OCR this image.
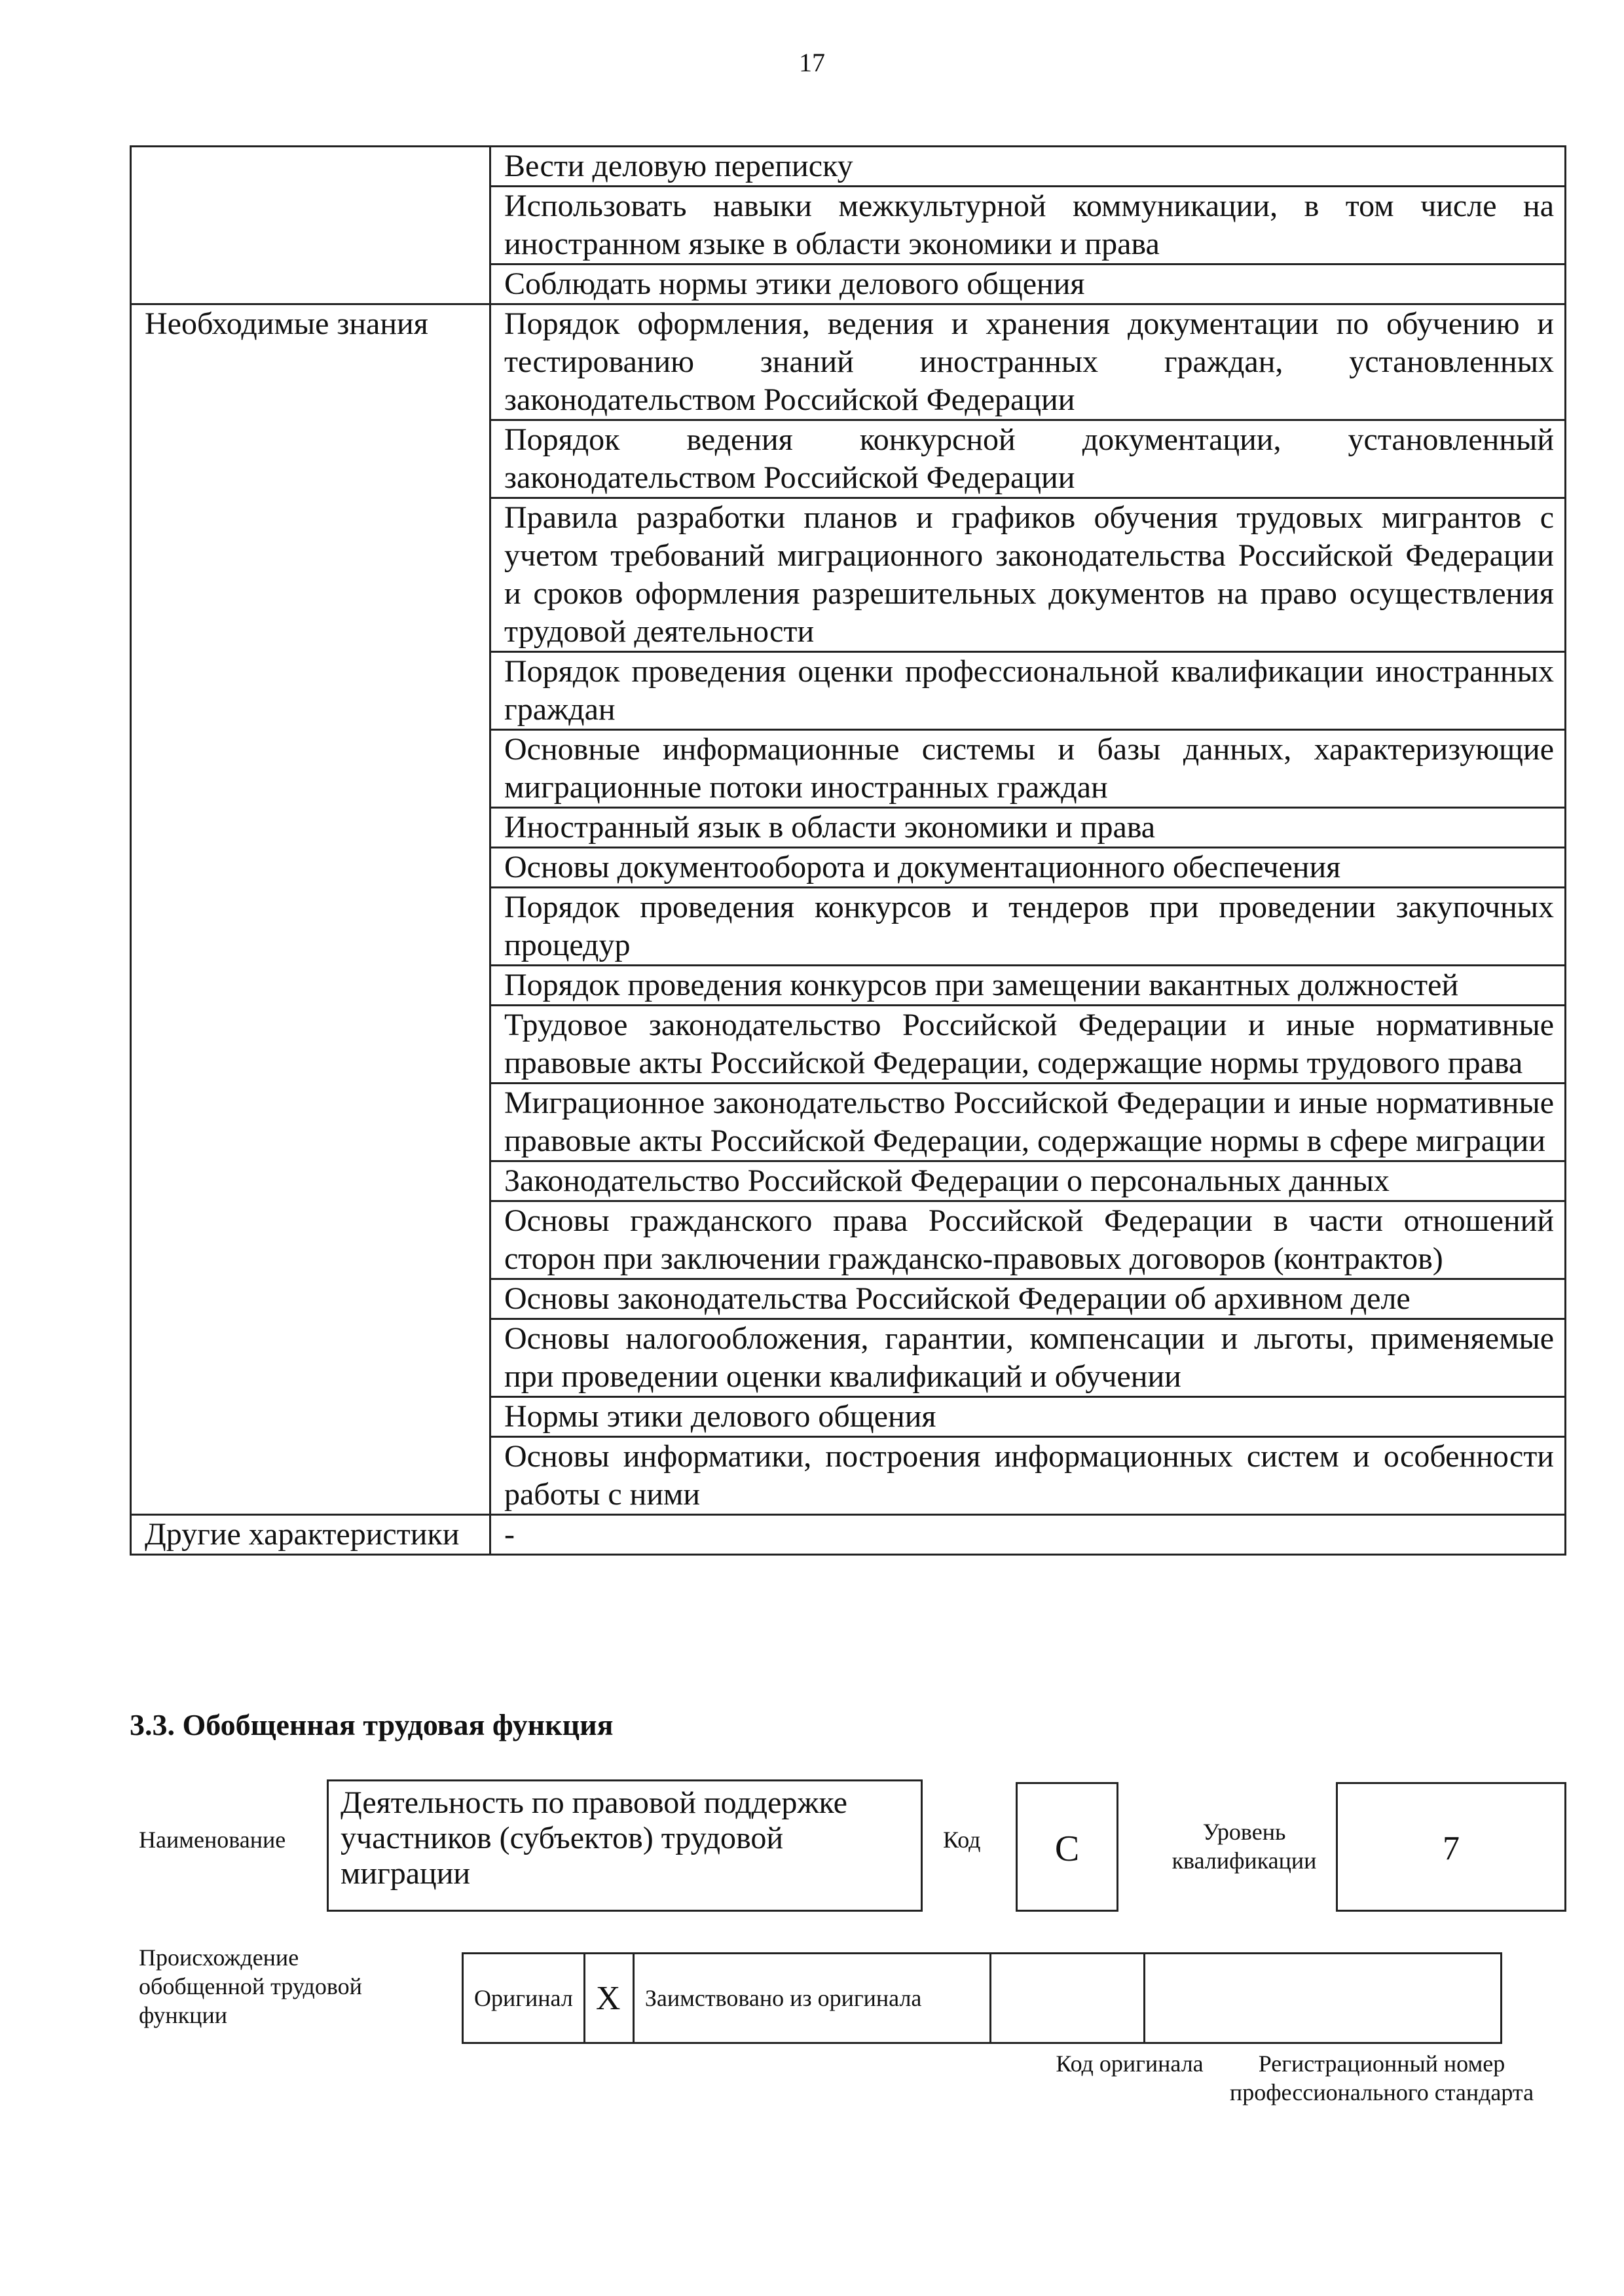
17
	Вести деловую переписку
	Использовать навыки межкультурной коммуникации, в том числе на иностранном языке в области экономики и права
	Соблюдать нормы этики делового общения
Необходимые знания	Порядок оформления, ведения и хранения документации по обучению и тестированию знаний иностранных граждан, установленных законодательством Российской Федерации
	Порядок ведения конкурсной документации, установленный законодательством Российской Федерации
	Правила разработки планов и графиков обучения трудовых мигрантов с учетом требований миграционного законодательства Российской Федерации и сроков оформления разрешительных документов на право осуществления трудовой деятельности
	Порядок проведения оценки профессиональной квалификации иностранных граждан
	Основные информационные системы и базы данных, характеризующие миграционные потоки иностранных граждан
	Иностранный язык в области экономики и права
	Основы документооборота и документационного обеспечения
	Порядок проведения конкурсов и тендеров при проведении закупочных процедур
	Порядок проведения конкурсов при замещении вакантных должностей
	Трудовое законодательство Российской Федерации и иные нормативные правовые акты Российской Федерации, содержащие нормы трудового права
	Миграционное законодательство Российской Федерации и иные нормативные правовые акты Российской Федерации, содержащие нормы в сфере миграции
	Законодательство Российской Федерации о персональных данных
	Основы гражданского права Российской Федерации в части отношений сторон при заключении гражданско-правовых договоров (контрактов)
	Основы законодательства Российской Федерации об архивном деле
	Основы налогообложения, гарантии, компенсации и льготы, применяемые при проведении оценки квалификаций и обучении
	Нормы этики делового общения
	Основы информатики, построения информационных систем и особенности работы с ними
Другие характеристики	-
3.3. Обобщенная трудовая функция
Наименование
Деятельность по правовой поддержке участников (субъектов) трудовой миграции
Код	C	Уровень квалификации	7
Происхождение обобщенной трудовой функции
Оригинал	X	Заимствовано из оригинала		
Код оригинала	Регистрационный номер профессионального стандарта
